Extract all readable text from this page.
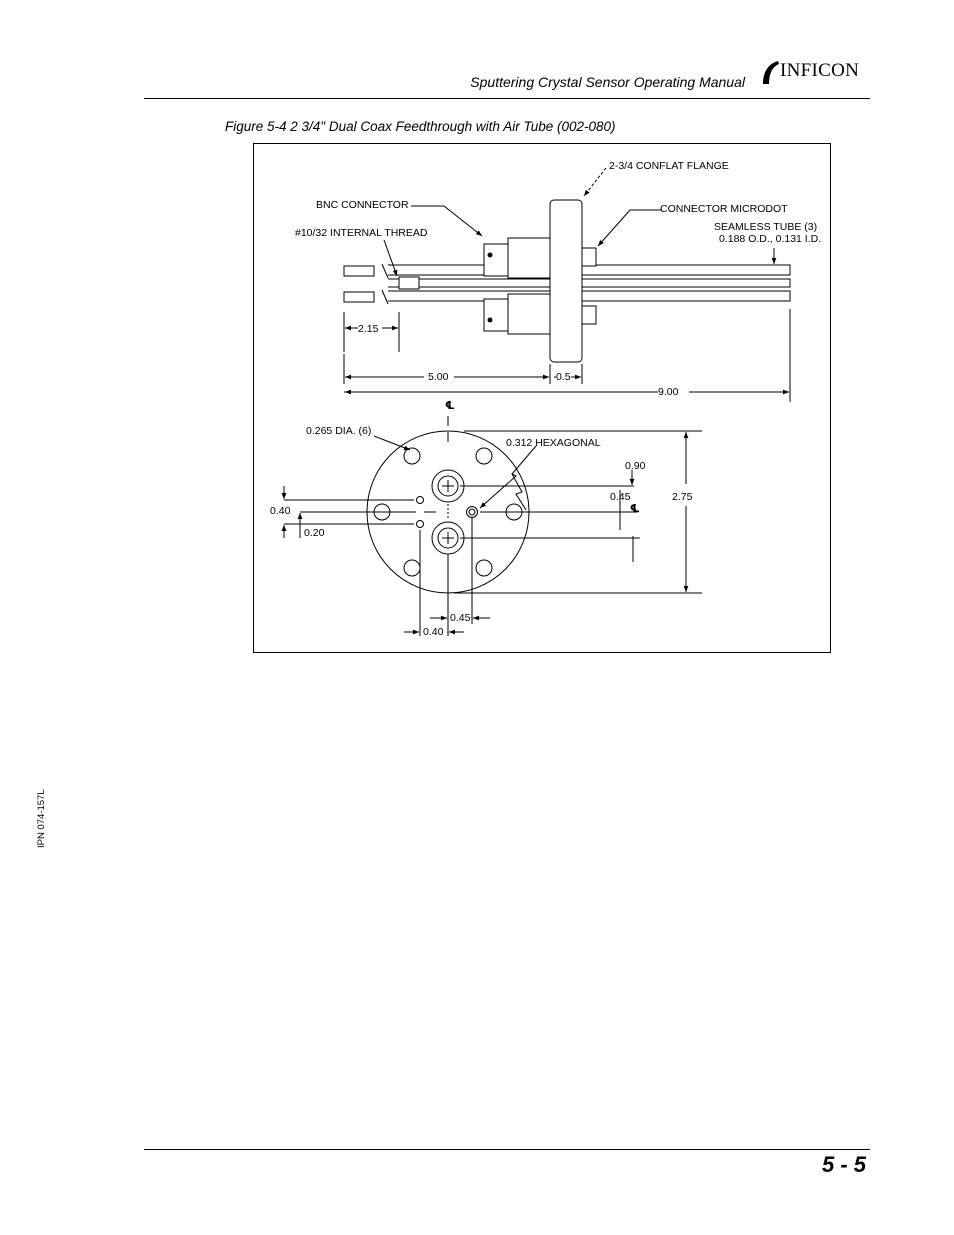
Sputtering Crystal Sensor Operating Manual
INFICON
Figure 5-4 2 3/4" Dual Coax Feedthrough with Air Tube (002-080)
2-3/4 CONFLAT FLANGE
BNC CONNECTOR	CONNECTOR MICRODOT
#10/32 INTERNAL THREAD	SEAMLESS TUBE (3)
0.188 O.D., 0.131 I.D.
2.15
5.00	0.5
9.00
℄
0.265 DIA. (6)
0.312 HEXAGONAL
0.90
0.45	2.75
℄
0.40
0.20
0.45
0.40
IPN 074-157L
5 - 5
